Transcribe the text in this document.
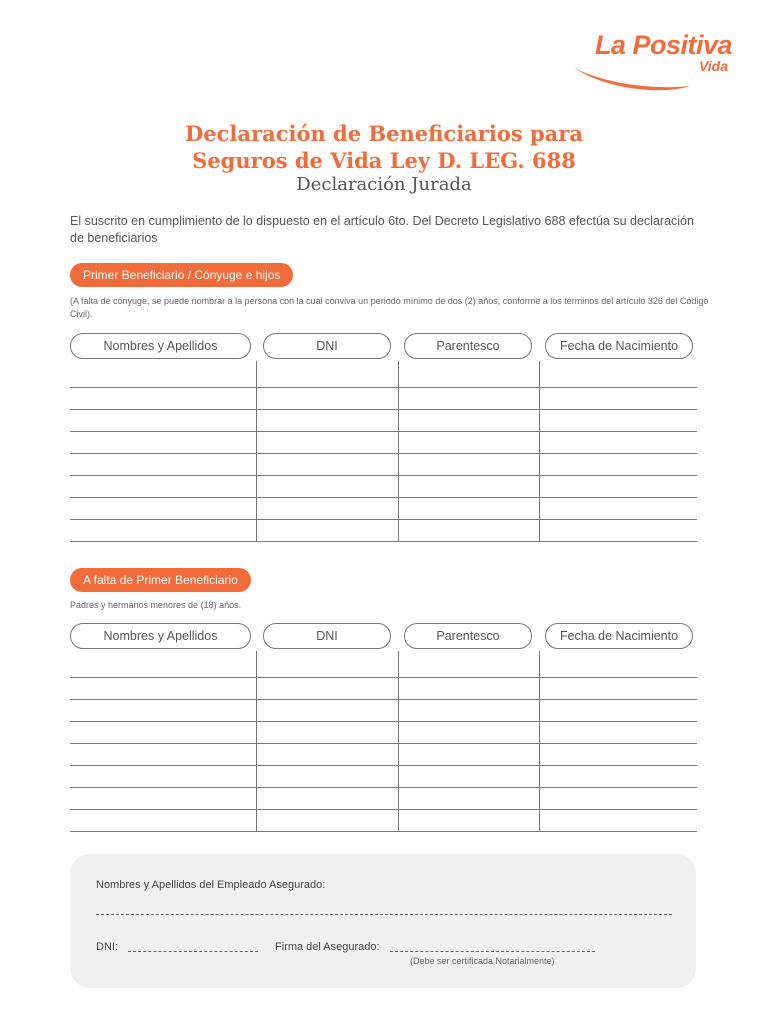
La Positiva
Vida
Declaración de Beneficiarios para
Seguros de Vida Ley D. LEG. 688
Declaración Jurada
El suscrito en cumplimiento de lo dispuesto en el artículo 6to. Del Decreto Legislativo 688 efectúa su declaración de beneficiarios
Primer Beneficiario / Cónyuge e hijos
(A falta de cónyuge, se puede nombrar a la persona con la cual conviva un periodo mínimo de dos (2) años, conforme a los términos del artículo 326 del Código Civil).
Nombres y Apellidos	DNI	Parentesco	Fecha de Nacimiento
A falta de Primer Beneficiario
Padres y hermanos menores de (18) años.
Nombres y Apellidos	DNI	Parentesco	Fecha de Nacimiento
Nombres y Apellidos del Empleado Asegurado:
DNI:	Firma del Asegurado:
(Debe ser certificada Notarialmente)
